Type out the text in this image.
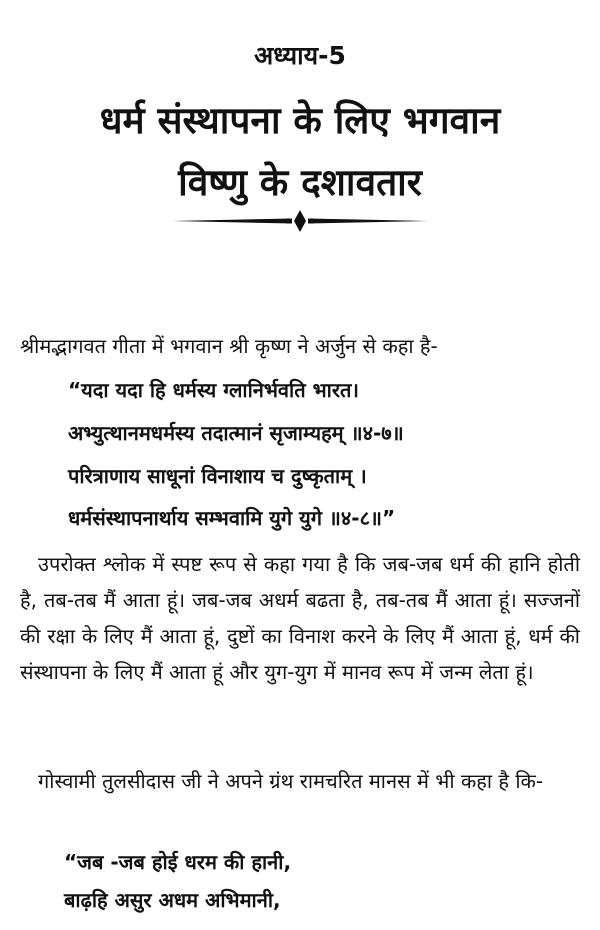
अध्याय-5
धर्म संस्थापना के लिए भगवान
विष्णु के दशावतार
श्रीमद्भागवत गीता में भगवान श्री कृष्ण ने अर्जुन से कहा है-
“यदा यदा हि धर्मस्य ग्लानिर्भवति भारत।
अभ्युत्थानमधर्मस्य तदात्मानं सृजाम्यहम् ॥४-७॥
परित्राणाय साधूनां विनाशाय च दुष्कृताम् ।
धर्मसंस्थापनार्थाय सम्भवामि युगे युगे ॥४-८॥”
उपरोक्त श्लोक में स्पष्ट रूप से कहा गया है कि जब-जब धर्म की हानि होती है, तब-तब मैं आता हूं। जब-जब अधर्म बढता है, तब-तब मैं आता हूं। सज्जनों की रक्षा के लिए मैं आता हूं, दुष्टों का विनाश करने के लिए मैं आता हूं, धर्म की संस्थापना के लिए मैं आता हूं और युग-युग में मानव रूप में जन्म लेता हूं।
गोस्वामी तुलसीदास जी ने अपने ग्रंथ रामचरित मानस में भी कहा है कि-
“जब -जब होई धरम की हानी,
बाढ़हि असुर अधम अभिमानी,
